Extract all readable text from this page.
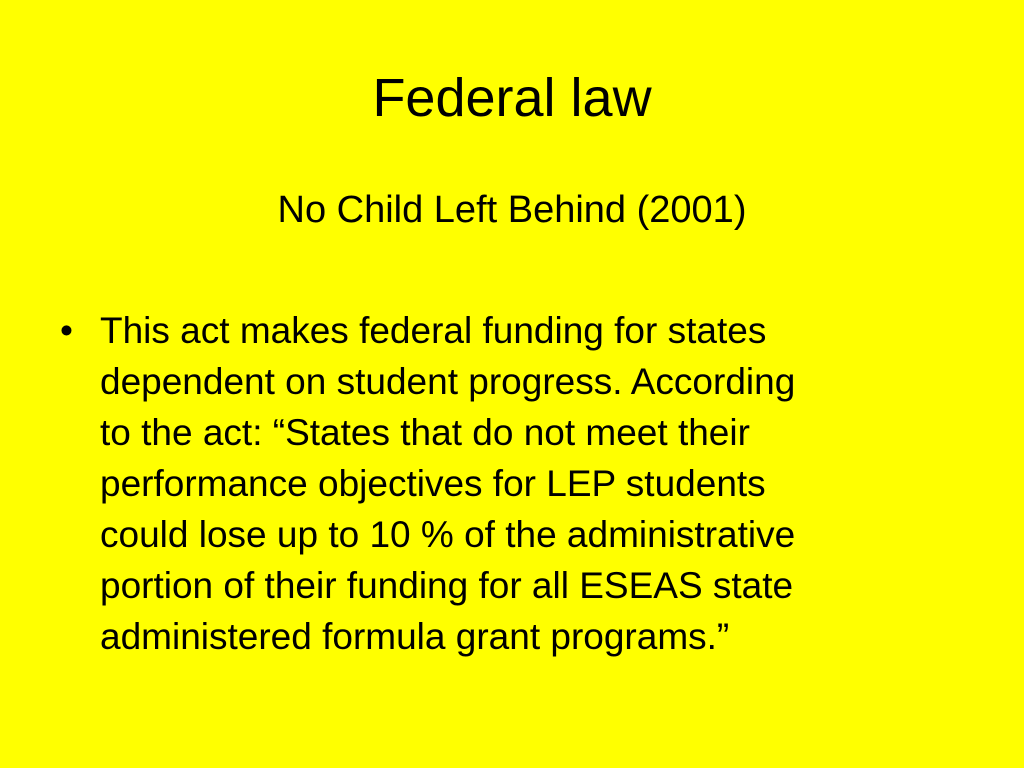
Federal law
No Child Left Behind (2001)
• This act makes federal funding for states
dependent on student progress. According
to the act: “States that do not meet their
performance objectives for LEP students
could lose up to 10 % of the administrative
portion of their funding for all ESEAS state
administered formula grant programs.”
